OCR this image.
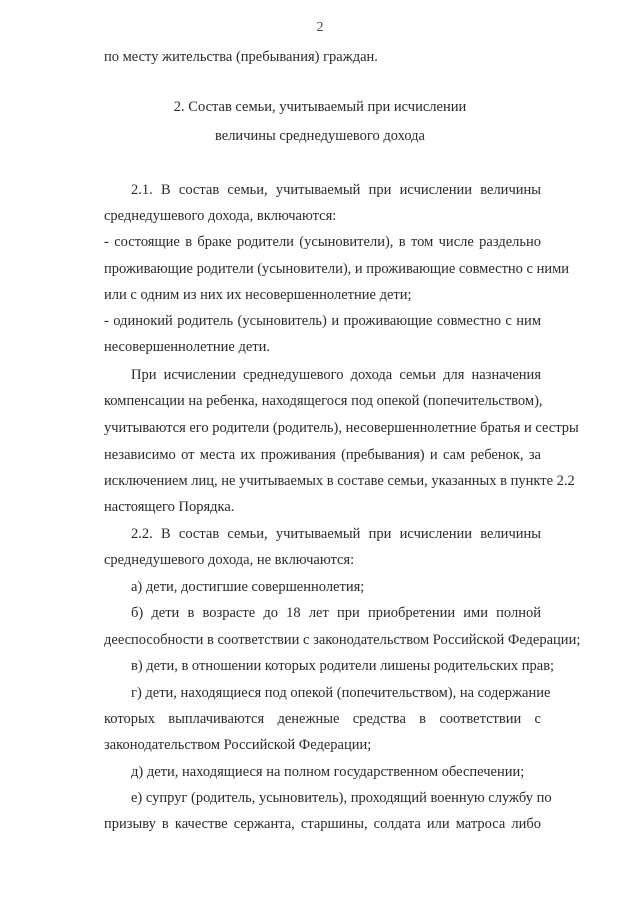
2
по месту жительства (пребывания) граждан.
2. Состав семьи, учитываемый при исчислении
величины среднедушевого дохода
2.1. В состав семьи, учитываемый при исчислении величины
среднедушевого дохода, включаются:
- состоящие в браке родители (усыновители), в том числе раздельно
проживающие родители (усыновители), и проживающие совместно с ними
или с одним из них их несовершеннолетние дети;
- одинокий родитель (усыновитель) и проживающие совместно с ним
несовершеннолетние дети.
При исчислении среднедушевого дохода семьи для назначения
компенсации на ребенка, находящегося под опекой (попечительством),
учитываются его родители (родитель), несовершеннолетние братья и сестры
независимо от места их проживания (пребывания) и сам ребенок, за
исключением лиц, не учитываемых в составе семьи, указанных в пункте 2.2
настоящего Порядка.
2.2. В состав семьи, учитываемый при исчислении величины
среднедушевого дохода, не включаются:
а) дети, достигшие совершеннолетия;
б) дети в возрасте до 18 лет при приобретении ими полной
дееспособности в соответствии с законодательством Российской Федерации;
в) дети, в отношении которых родители лишены родительских прав;
г) дети, находящиеся под опекой (попечительством), на содержание
которых выплачиваются денежные средства в соответствии с
законодательством Российской Федерации;
д) дети, находящиеся на полном государственном обеспечении;
е) супруг (родитель, усыновитель), проходящий военную службу по
призыву в качестве сержанта, старшины, солдата или матроса либо
